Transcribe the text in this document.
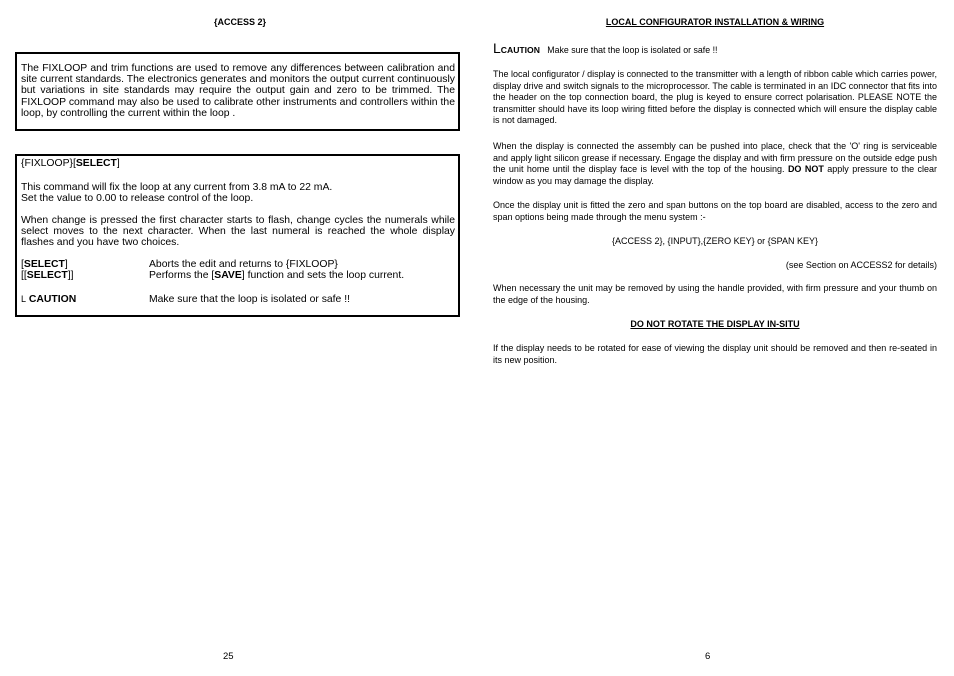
{ACCESS 2}
The FIXLOOP and trim functions are used to remove any differences between calibration and site current standards. The electronics generates and monitors the output current continuously but variations in site standards may require the output gain and zero to be trimmed. The FIXLOOP command may also be used to calibrate other instruments and controllers within the loop, by controlling the current within the loop .
{FIXLOOP}[SELECT]

This command will fix the loop at any current from 3.8 mA to 22 mA.

Set the value to 0.00 to release control of the loop.

When change is pressed the first character starts to flash, change cycles the numerals while select moves to the next character. When the last numeral is reached the whole display flashes and you have two choices.
[SELECT]	Aborts the edit and returns to {FIXLOOP}
[[SELECT]]	Performs the [SAVE] function and sets the loop current.
L CAUTION	Make sure that the loop is isolated or safe !!
25
LOCAL CONFIGURATOR INSTALLATION & WIRING
LCAUTION Make sure that the loop is isolated or safe !!
The local configurator / display is connected to the transmitter with a length of ribbon cable which carries power, display drive and switch signals to the microprocessor. The cable is terminated in an IDC connector that fits into the header on the top connection board, the plug is keyed to ensure correct polarisation. PLEASE NOTE the transmitter should have its loop wiring fitted before the display is connected which will ensure the display cable is not damaged.
When the display is connected the assembly can be pushed into place, check that the 'O' ring is serviceable and apply light silicon grease if necessary. Engage the display and with firm pressure on the outside edge push the unit home until the display face is level with the top of the housing. DO NOT apply pressure to the clear window as you may damage the display.
Once the display unit is fitted the zero and span buttons on the top board are disabled, access to the zero and span options being made through the menu system :-
{ACCESS 2}, {INPUT},{ZERO KEY} or {SPAN KEY}
(see Section on ACCESS2 for details)
When necessary the unit may be removed by using the handle provided, with firm pressure and your thumb on the edge of the housing.
DO NOT ROTATE THE DISPLAY IN-SITU
If the display needs to be rotated for ease of viewing the display unit should be removed and then re-seated in its new position.
6
